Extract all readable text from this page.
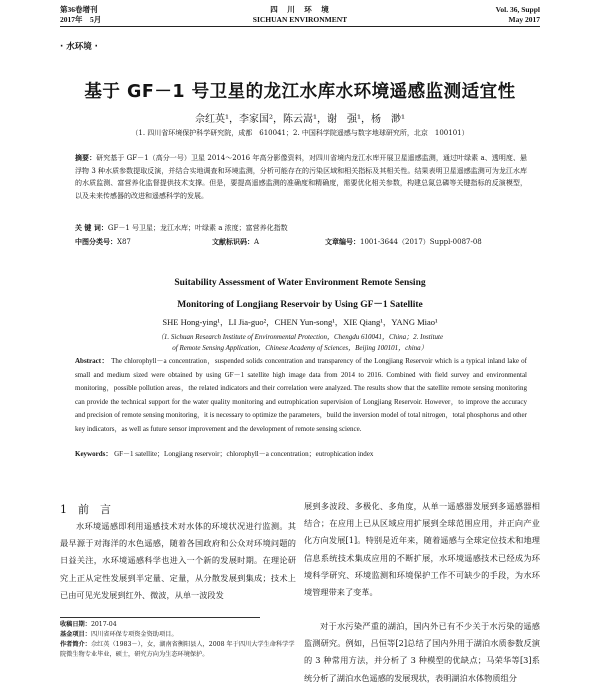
第36卷增刊
2017年　5月
四　川　环　境
SICHUAN ENVIRONMENT
Vol. 36, Suppl
May 2017
· 水环境 ·
基于 GF－1 号卫星的龙江水库水环境遥感监测适宜性
佘红英¹，李家国²，陈云嵩¹，谢　强¹，杨　渺¹
（1. 四川省环境保护科学研究院，成都　610041；2. 中国科学院遥感与数字地球研究所，北京　100101）
摘要：研究基于 GF－1（高分一号）卫星 2014～2016 年高分影像资料，对四川省境内龙江水库开展卫星遥感监测，通过叶绿素 a、透明度、悬浮物 3 种水质参数提取反演，并结合实地调查和环境监测，分析可能存在的污染区域和相关指标及其相关性。结果表明卫星遥感监测可为龙江水库的水质监测、富营养化监督提供技术支撑。但是，要提高遥感监测的准确度和精确度，需要优化相关参数，构建总氮总磷等关键指标的反演模型，以及未来传感器的改进和遥感科学的发展。
关 键 词：GF－1 号卫星；龙江水库；叶绿素 a 浓度；富营养化指数
中图分类号：X87	文献标识码：A	文章编号：1001-3644（2017）Suppl-0087-08
Suitability Assessment of Water Environment Remote Sensing
Monitoring of Longjiang Reservoir by Using GF－1 Satellite
SHE Hong-ying¹，LI Jia-guo²，CHEN Yun-song¹，XIE Qiang¹，YANG Miao¹
（1. Sichuan Research Institute of Environmental Protection，Chengdu 610041，China；2. Institute
of Remote Sensing Application，Chinese Academy of Sciences，Beijing 100101，china）
Abstract： The chlorophyll－a concentration，suspended solids concentration and transparency of the Longjiang Reservoir which is a typical inland lake of small and medium sized were obtained by using GF－1 satellite high image data from 2014 to 2016. Combined with field survey and environmental monitoring，possible pollution areas，the related indicators and their correlation were analyzed. The results show that the satellite remote sensing monitoring can provide the technical support for the water quality monitoring and eutrophication supervision of Longjiang Reservoir. However，to improve the accuracy and precision of remote sensing monitoring，it is necessary to optimize the parameters，build the inversion model of total nitrogen，total phosphorus and other key indicators，as well as future sensor improvement and the development of remote sensing science.
Keywords： GF－1 satellite；Longjiang reservoir；chlorophyll－a concentration；eutrophication index
1　前　言
水环境遥感即利用遥感技术对水体的环境状况进行监测。其最早源于对海洋的水色遥感，随着各国政府和公众对环境问题的日益关注，水环境遥感科学也进入一个新的发展时期。在理论研究上正从定性发展到半定量、定量，从分散发展到集成；技术上已由可见光发展到红外、微波，从单一波段发
收稿日期：2017-04
基金项目：四川省环保专项资金资助项目。
作者简介：佘红英（1983－），女，湖南省衡阳县人，2008 年于四川大学生命科学学院微生物专业毕业，硕士，研究方向为生态环境保护。
展到多波段、多极化、多角度，从单一遥感器发展到多遥感器相结合；在应用上已从区域应用扩展到全球范围应用，并正向产业化方向发展[1]。特别是近年来，随着遥感与全球定位技术和地理信息系统技术集成应用的不断扩展，水环境遥感技术已经成为环境科学研究、环境监测和环境保护工作不可缺少的手段，为水环境管理带来了变革。
对于水污染严重的湖泊，国内外已有不少关于水污染的遥感监测研究。例如，吕恒等[2]总结了国内外用于湖泊水质参数反演的 3 种常用方法，并分析了 3 种模型的优缺点；马荣华等[3]系统分析了湖泊水色遥感的发展现状，表明湖泊水体物质组分
